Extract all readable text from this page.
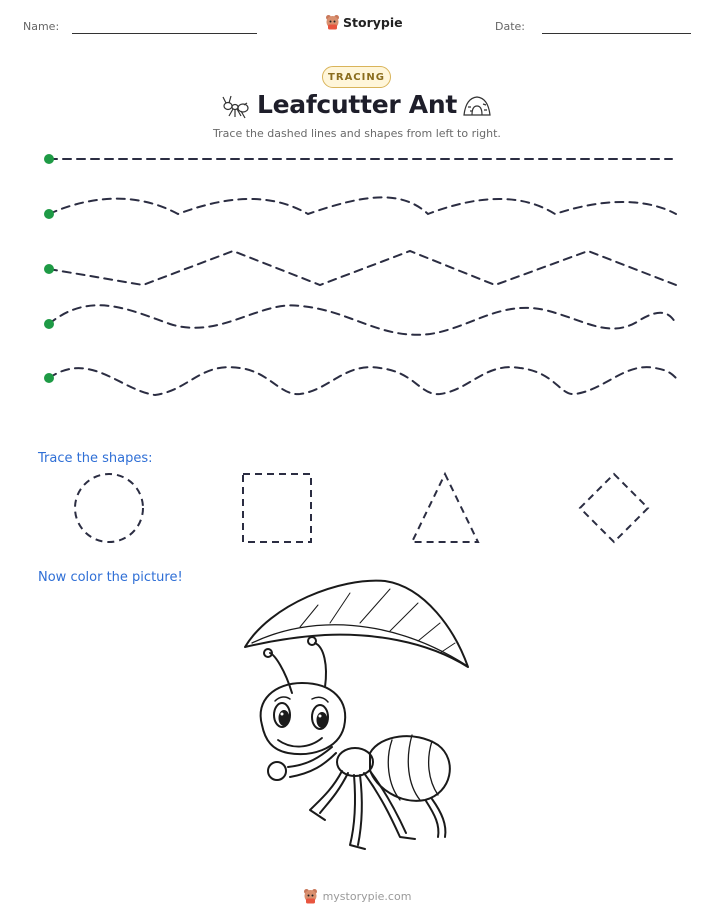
Name:	Storypie	Date:
TRACING
Leafcutter Ant
Trace the dashed lines and shapes from left to right.
Trace the shapes:
Now color the picture!
mystorypie.com
